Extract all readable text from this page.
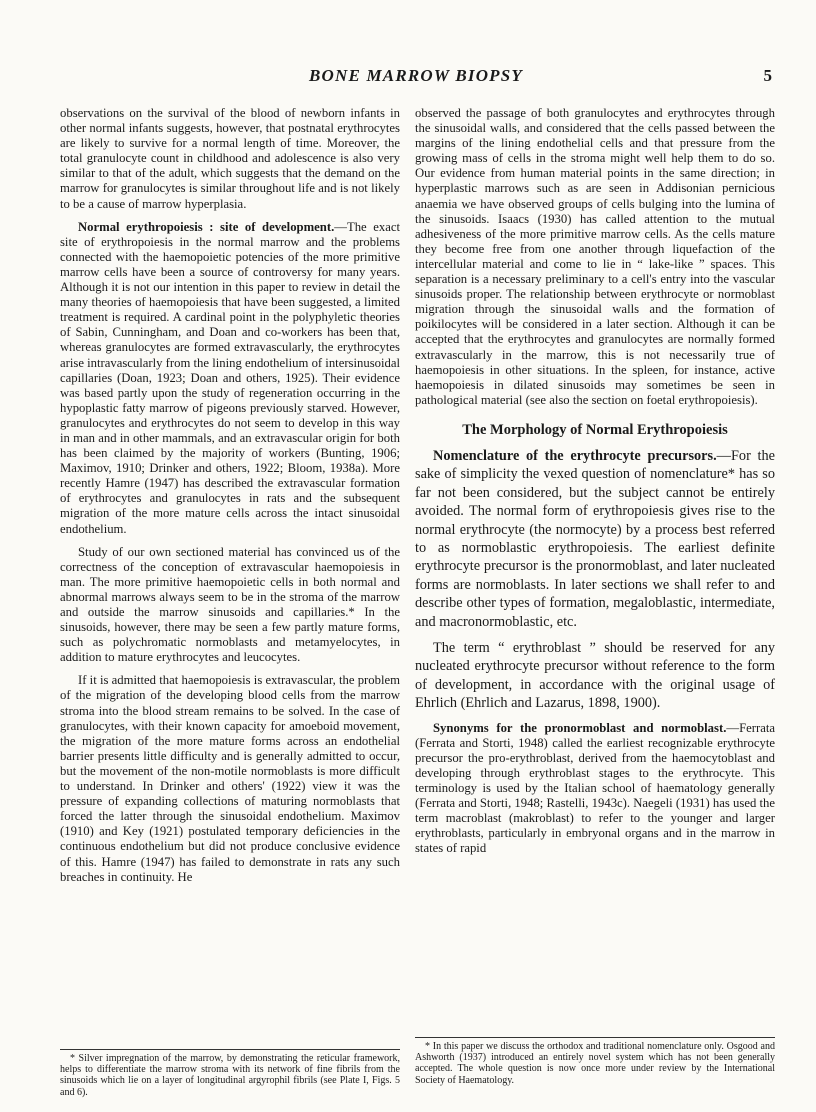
BONE MARROW BIOPSY	5

observations on the survival of the blood of newborn infants in other normal infants suggests, however, that postnatal erythrocytes are likely to survive for a normal length of time. Moreover, the total granulocyte count in childhood and adolescence is also very similar to that of the adult, which suggests that the demand on the marrow for granulocytes is similar throughout life and is not likely to be a cause of marrow hyperplasia.

Normal erythropoiesis : site of development.—The exact site of erythropoiesis in the normal marrow and the problems connected with the haemopoietic potencies of the more primitive marrow cells have been a source of controversy for many years. Although it is not our intention in this paper to review in detail the many theories of haemopoiesis that have been suggested, a limited treatment is required. A cardinal point in the polyphyletic theories of Sabin, Cunningham, and Doan and co-workers has been that, whereas granulocytes are formed extravascularly, the erythrocytes arise intravascularly from the lining endothelium of intersinusoidal capillaries (Doan, 1923; Doan and others, 1925). Their evidence was based partly upon the study of regeneration occurring in the hypoplastic fatty marrow of pigeons previously starved. However, granulocytes and erythrocytes do not seem to develop in this way in man and in other mammals, and an extravascular origin for both has been claimed by the majority of workers (Bunting, 1906; Maximov, 1910; Drinker and others, 1922; Bloom, 1938a). More recently Hamre (1947) has described the extravascular formation of erythrocytes and granulocytes in rats and the subsequent migration of the more mature cells across the intact sinusoidal endothelium.

Study of our own sectioned material has convinced us of the correctness of the conception of extravascular haemopoiesis in man. The more primitive haemopoietic cells in both normal and abnormal marrows always seem to be in the stroma of the marrow and outside the marrow sinusoids and capillaries.* In the sinusoids, however, there may be seen a few partly mature forms, such as polychromatic normoblasts and metamyelocytes, in addition to mature erythrocytes and leucocytes.

If it is admitted that haemopoiesis is extravascular, the problem of the migration of the developing blood cells from the marrow stroma into the blood stream remains to be solved. In the case of granulocytes, with their known capacity for amoeboid movement, the migration of the more mature forms across an endothelial barrier presents little difficulty and is generally admitted to occur, but the movement of the non-motile normoblasts is more difficult to understand. In Drinker and others' (1922) view it was the pressure of expanding collections of maturing normoblasts that forced the latter through the sinusoidal endothelium. Maximov (1910) and Key (1921) postulated temporary deficiencies in the continuous endothelium but did not produce conclusive evidence of this. Hamre (1947) has failed to demonstrate in rats any such breaches in continuity. He

* Silver impregnation of the marrow, by demonstrating the reticular framework, helps to differentiate the marrow stroma with its network of fine fibrils from the sinusoids which lie on a layer of longitudinal argyrophil fibrils (see Plate I, Figs. 5 and 6).

observed the passage of both granulocytes and erythrocytes through the sinusoidal walls, and considered that the cells passed between the margins of the lining endothelial cells and that pressure from the growing mass of cells in the stroma might well help them to do so. Our evidence from human material points in the same direction; in hyperplastic marrows such as are seen in Addisonian pernicious anaemia we have observed groups of cells bulging into the lumina of the sinusoids. Isaacs (1930) has called attention to the mutual adhesiveness of the more primitive marrow cells. As the cells mature they become free from one another through liquefaction of the intercellular material and come to lie in “ lake-like ” spaces. This separation is a necessary preliminary to a cell's entry into the vascular sinusoids proper. The relationship between erythrocyte or normoblast migration through the sinusoidal walls and the formation of poikilocytes will be considered in a later section. Although it can be accepted that the erythrocytes and granulocytes are normally formed extravascularly in the marrow, this is not necessarily true of haemopoiesis in other situations. In the spleen, for instance, active haemopoiesis in dilated sinusoids may sometimes be seen in pathological material (see also the section on foetal erythropoiesis).

The Morphology of Normal Erythropoiesis

Nomenclature of the erythrocyte precursors.—For the sake of simplicity the vexed question of nomenclature* has so far not been considered, but the subject cannot be entirely avoided. The normal form of erythropoiesis gives rise to the normal erythrocyte (the normocyte) by a process best referred to as normoblastic erythropoiesis. The earliest definite erythrocyte precursor is the pronormoblast, and later nucleated forms are normoblasts. In later sections we shall refer to and describe other types of formation, megaloblastic, intermediate, and macronormoblastic, etc.

The term “ erythroblast ” should be reserved for any nucleated erythrocyte precursor without reference to the form of development, in accordance with the original usage of Ehrlich (Ehrlich and Lazarus, 1898, 1900).

Synonyms for the pronormoblast and normoblast.—Ferrata (Ferrata and Storti, 1948) called the earliest recognizable erythrocyte precursor the pro-erythroblast, derived from the haemocytoblast and developing through erythroblast stages to the erythrocyte. This terminology is used by the Italian school of haematology generally (Ferrata and Storti, 1948; Rastelli, 1943c). Naegeli (1931) has used the term macroblast (makroblast) to refer to the younger and larger erythroblasts, particularly in embryonal organs and in the marrow in states of rapid

* In this paper we discuss the orthodox and traditional nomenclature only. Osgood and Ashworth (1937) introduced an entirely novel system which has not been generally accepted. The whole question is now once more under review by the International Society of Haematology.
